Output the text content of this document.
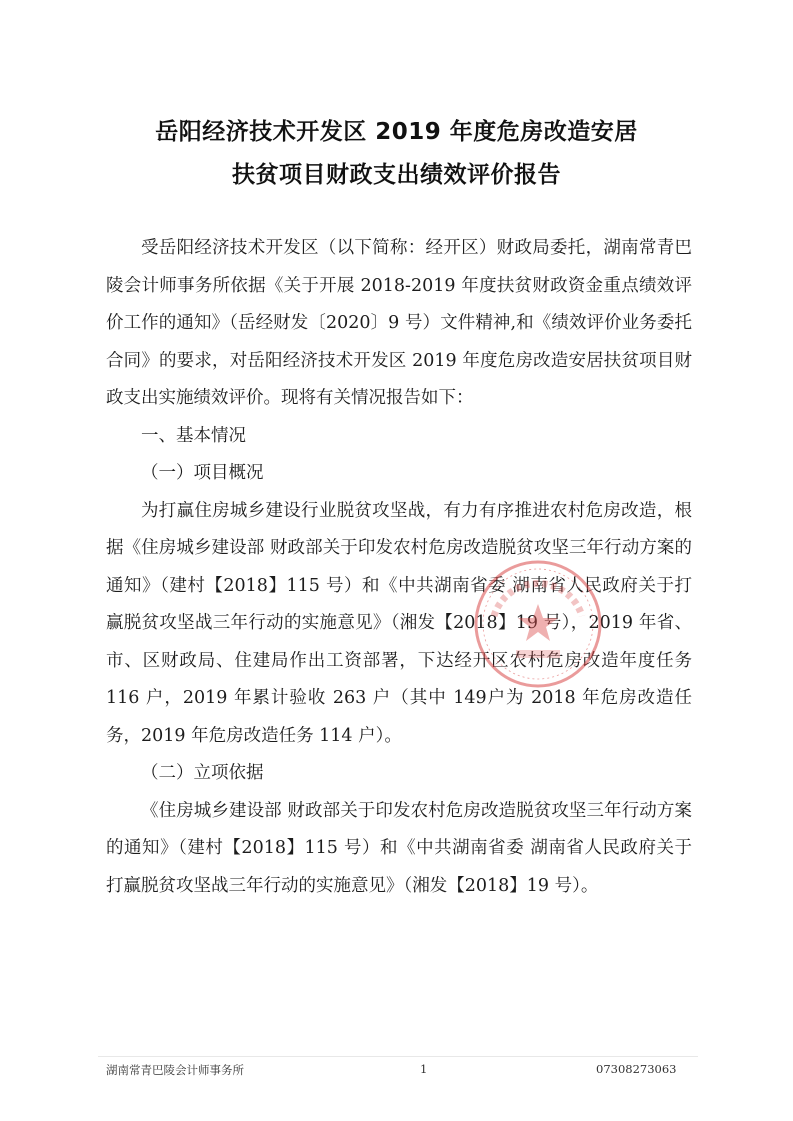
岳阳经济技术开发区 2019 年度危房改造安居
扶贫项目财政支出绩效评价报告

受岳阳经济技术开发区（以下简称：经开区）财政局委托，湖南常青巴陵会计师事务所依据《关于开展 2018-2019 年度扶贫财政资金重点绩效评价工作的通知》（岳经财发〔2020〕9 号）文件精神,和《绩效评价业务委托合同》的要求，对岳阳经济技术开发区 2019 年度危房改造安居扶贫项目财政支出实施绩效评价。现将有关情况报告如下：

一、基本情况

（一）项目概况

为打赢住房城乡建设行业脱贫攻坚战，有力有序推进农村危房改造，根据《住房城乡建设部 财政部关于印发农村危房改造脱贫攻坚三年行动方案的通知》（建村【2018】115 号）和《中共湖南省委 湖南省人民政府关于打赢脱贫攻坚战三年行动的实施意见》（湘发【2018】19 号），2019 年省、市、区财政局、住建局作出工资部署，下达经开区农村危房改造年度任务 116 户，2019 年累计验收 263 户（其中 149户为 2018 年危房改造任务，2019 年危房改造任务 114 户）。

（二）立项依据

《住房城乡建设部 财政部关于印发农村危房改造脱贫攻坚三年行动方案的通知》（建村【2018】115 号）和《中共湖南省委 湖南省人民政府关于打赢脱贫攻坚战三年行动的实施意见》（湘发【2018】19 号）。

湖南常青巴陵会计师事务所	1	07308273063
